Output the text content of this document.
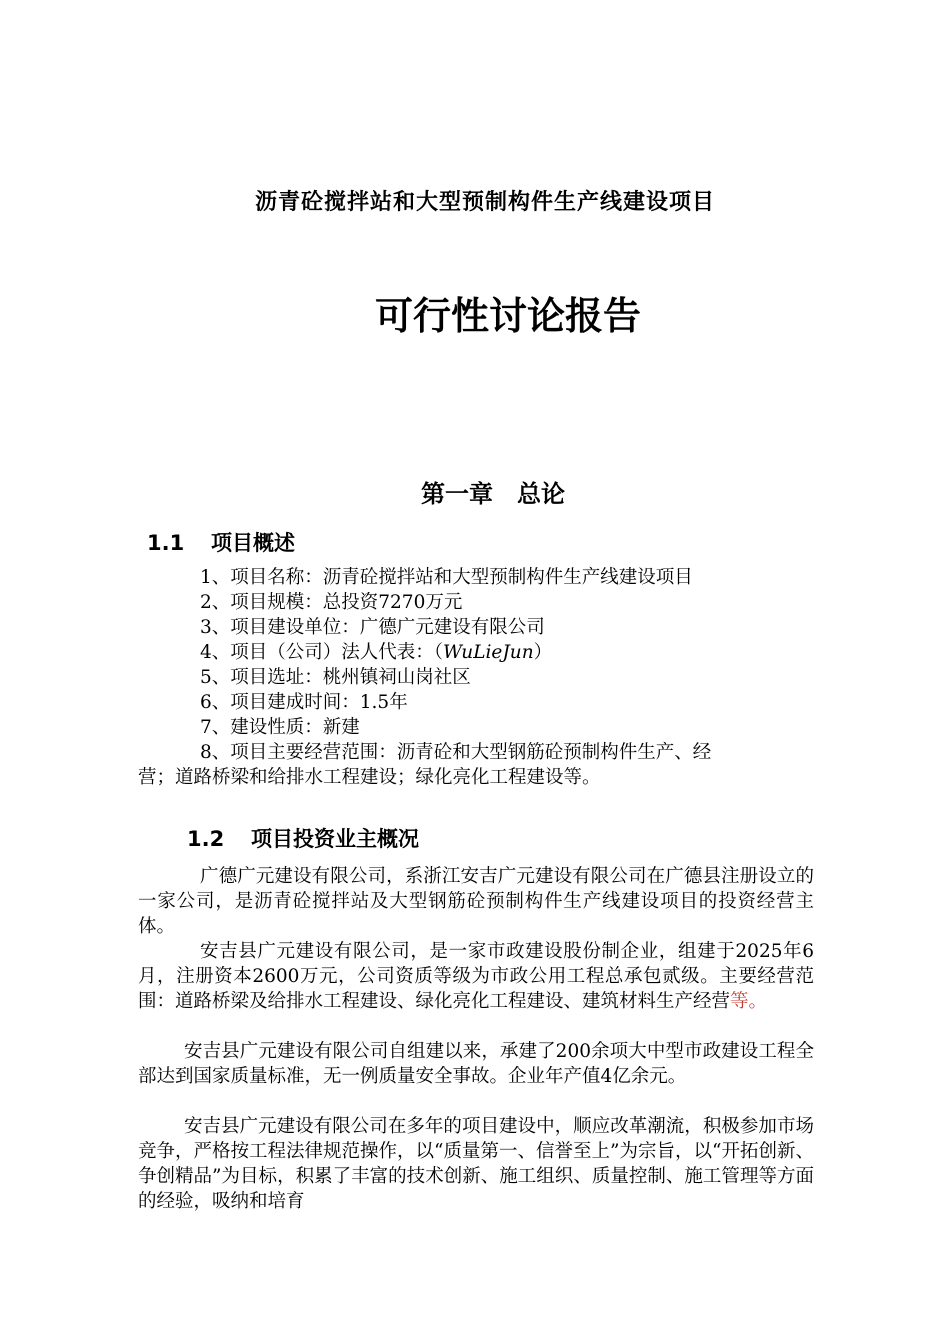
沥青砼搅拌站和大型预制构件生产线建设项目
可行性讨论报告
第一章　总论
1.1 项目概述
1、项目名称：沥青砼搅拌站和大型预制构件生产线建设项目
2、项目规模：总投资7270万元
3、项目建设单位：广德广元建设有限公司
4、项目（公司）法人代表：（WuLieJun）
5、项目选址：桃州镇祠山岗社区
6、项目建成时间：1.5年
7、建设性质：新建
8、项目主要经营范围：沥青砼和大型钢筋砼预制构件生产、经
营；道路桥梁和给排水工程建设；绿化亮化工程建设等。
1.2 项目投资业主概况
广德广元建设有限公司，系浙江安吉广元建设有限公司在广德县注册设立的一家公司，是沥青砼搅拌站及大型钢筋砼预制构件生产线建设项目的投资经营主体。
安吉县广元建设有限公司，是一家市政建设股份制企业，组建于2025年6月，注册资本2600万元，公司资质等级为市政公用工程总承包贰级。主要经营范围：道路桥梁及给排水工程建设、绿化亮化工程建设、建筑材料生产经营等。
安吉县广元建设有限公司自组建以来，承建了200余项大中型市政建设工程全部达到国家质量标准，无一例质量安全事故。企业年产值4亿余元。
安吉县广元建设有限公司在多年的项目建设中，顺应改革潮流，积极参加市场竞争，严格按工程法律规范操作，以“质量第一、信誉至上”为宗旨，以“开拓创新、争创精品”为目标，积累了丰富的技术创新、施工组织、质量控制、施工管理等方面的经验，吸纳和培育
